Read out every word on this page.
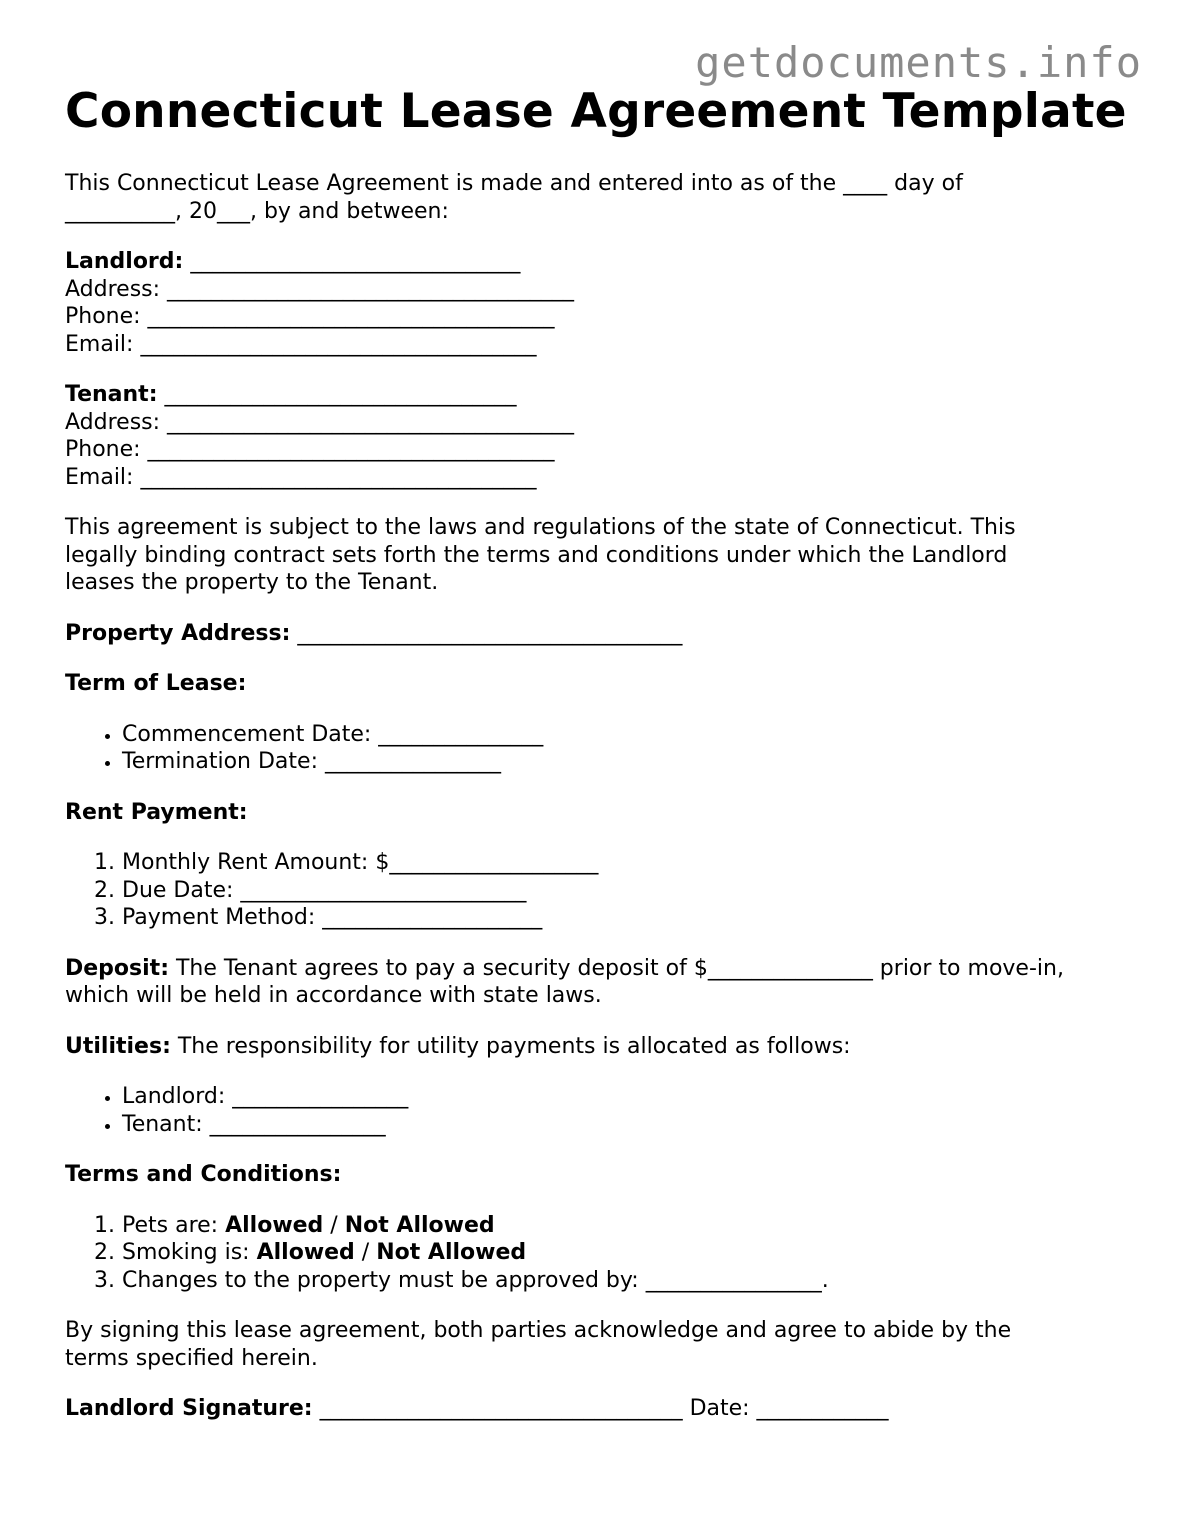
getdocuments.info
Connecticut Lease Agreement Template

This Connecticut Lease Agreement is made and entered into as of the ____ day of

__________, 20___, by and between:

Landlord: ______________________________
Address: _____________________________________
Phone: _____________________________________
Email: ____________________________________
Tenant: ________________________________
Address: _____________________________________
Phone: _____________________________________
Email: ____________________________________

This agreement is subject to the laws and regulations of the state of Connecticut. This legally binding contract sets forth the terms and conditions under which the Landlord leases the property to the Tenant.

Property Address: ___________________________________

Term of Lease:

• Commencement Date: _______________
• Termination Date: ________________

Rent Payment:

1. Monthly Rent Amount: $___________________
2. Due Date: __________________________
3. Payment Method: ____________________

Deposit: The Tenant agrees to pay a security deposit of $_______________ prior to move-in, which will be held in accordance with state laws.

Utilities: The responsibility for utility payments is allocated as follows:

• Landlord: ________________
• Tenant: ________________

Terms and Conditions:

1. Pets are: Allowed / Not Allowed
2. Smoking is: Allowed / Not Allowed
3. Changes to the property must be approved by: ________________.

By signing this lease agreement, both parties acknowledge and agree to abide by the terms specified herein.

Landlord Signature: _________________________________ Date: ____________
